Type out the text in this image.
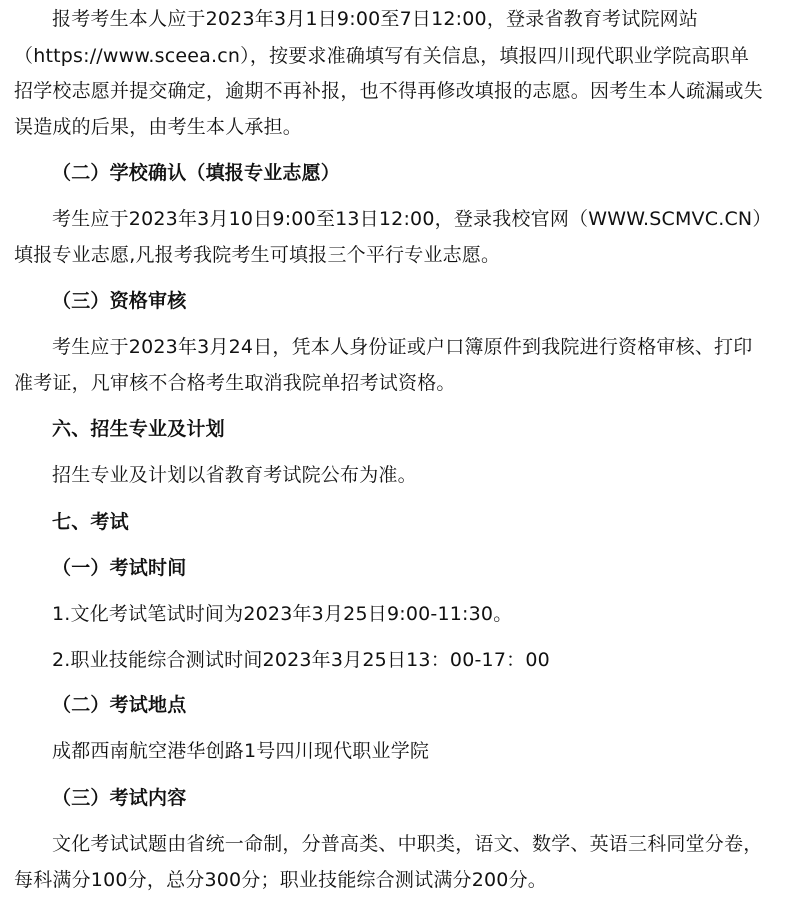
报考考生本人应于2023年3月1日9:00至7日12:00，登录省教育考试院网站
（https://www.sceea.cn），按要求准确填写有关信息，填报四川现代职业学院高职单
招学校志愿并提交确定，逾期不再补报，也不得再修改填报的志愿。因考生本人疏漏或失
误造成的后果，由考生本人承担。
（二）学校确认（填报专业志愿）
考生应于2023年3月10日9:00至13日12:00，登录我校官网（WWW.SCMVC.CN）
填报专业志愿,凡报考我院考生可填报三个平行专业志愿。
（三）资格审核
考生应于2023年3月24日，凭本人身份证或户口簿原件到我院进行资格审核、打印
准考证，凡审核不合格考生取消我院单招考试资格。
六、招生专业及计划
招生专业及计划以省教育考试院公布为准。
七、考试
（一）考试时间
1.文化考试笔试时间为2023年3月25日9:00-11:30。
2.职业技能综合测试时间2023年3月25日13：00-17：00
（二）考试地点
成都西南航空港华创路1号四川现代职业学院
（三）考试内容
文化考试试题由省统一命制，分普高类、中职类，语文、数学、英语三科同堂分卷，
每科满分100分，总分300分；职业技能综合测试满分200分。
